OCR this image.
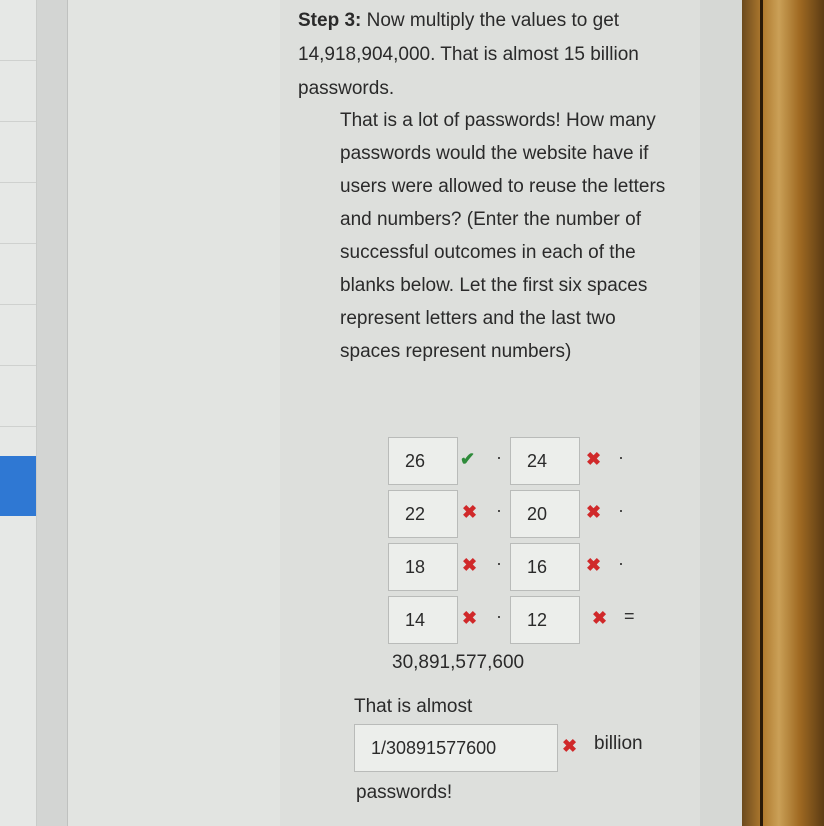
Step 3: Now multiply the values to get 14,918,904,000. That is almost 15 billion passwords.

That is a lot of passwords! How many passwords would the website have if users were allowed to reuse the letters and numbers? (Enter the number of successful outcomes in each of the blanks below. Let the first six spaces represent letters and the last two spaces represent numbers)

26	✔ ·	24	✖ ·
22	✖ ·	20	✖ ·
18	✖ ·	16	✖ ·
14	✖ ·	12	✖ =
30,891,577,600
That is almost
1/30891577600	✖ billion
passwords!
